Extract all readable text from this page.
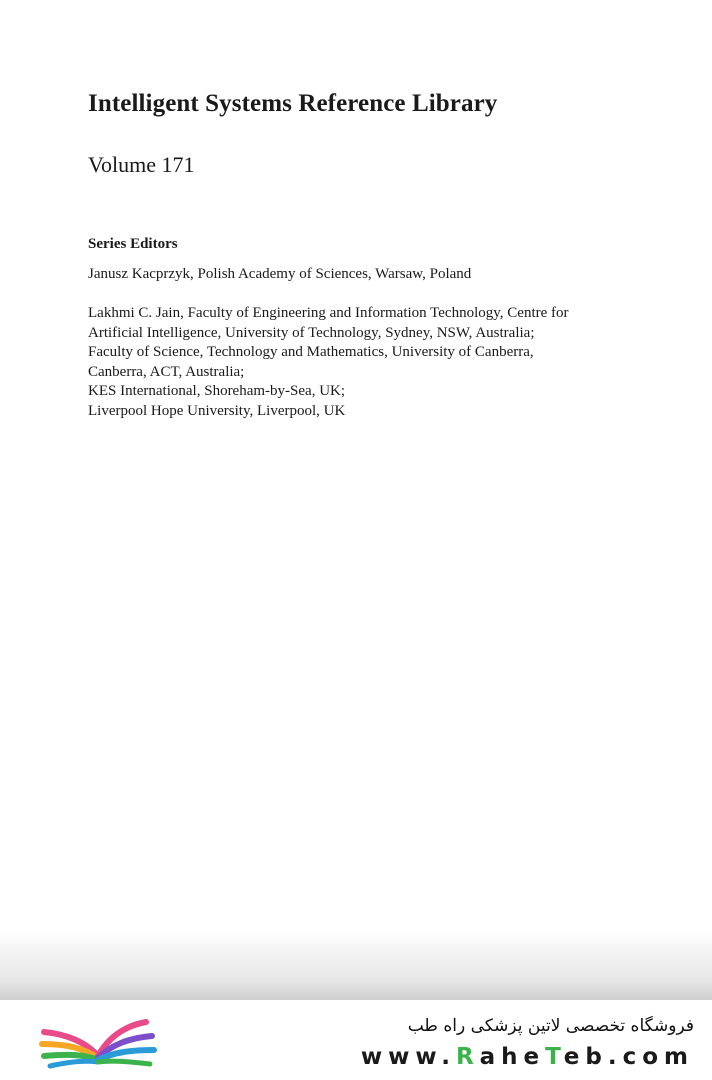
Intelligent Systems Reference Library
Volume 171
Series Editors
Janusz Kacprzyk, Polish Academy of Sciences, Warsaw, Poland
Lakhmi C. Jain, Faculty of Engineering and Information Technology, Centre for
Artificial Intelligence, University of Technology, Sydney, NSW, Australia;
Faculty of Science, Technology and Mathematics, University of Canberra,
Canberra, ACT, Australia;
KES International, Shoreham-by-Sea, UK;
Liverpool Hope University, Liverpool, UK
فروشگاه تخصصی لاتین پزشکی راه طب
www.RaheTeb.com
